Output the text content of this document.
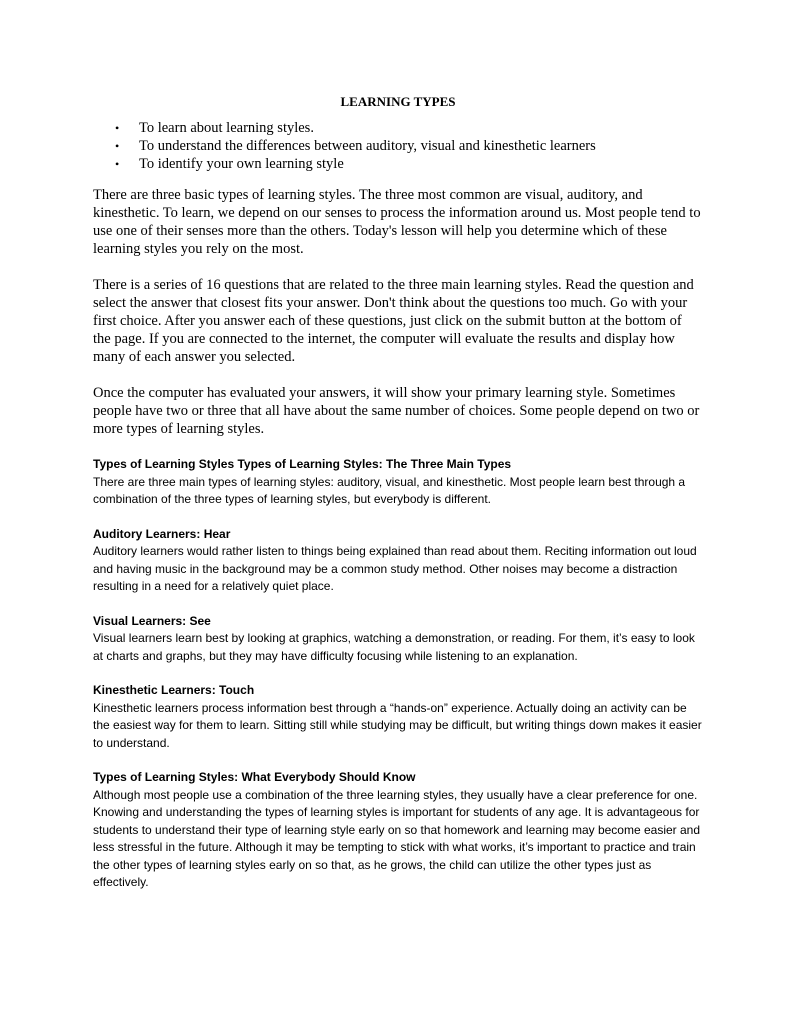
LEARNING TYPES
• To learn about learning styles.
• To understand the differences between auditory, visual and kinesthetic learners
• To identify your own learning style

There are three basic types of learning styles. The three most common are visual, auditory, and kinesthetic. To learn, we depend on our senses to process the information around us. Most people tend to use one of their senses more than the others. Today's lesson will help you determine which of these learning styles you rely on the most.

There is a series of 16 questions that are related to the three main learning styles. Read the question and select the answer that closest fits your answer. Don't think about the questions too much. Go with your first choice. After you answer each of these questions, just click on the submit button at the bottom of the page. If you are connected to the internet, the computer will evaluate the results and display how many of each answer you selected.

Once the computer has evaluated your answers, it will show your primary learning style. Sometimes people have two or three that all have about the same number of choices. Some people depend on two or more types of learning styles.

Types of Learning Styles Types of Learning Styles: The Three Main Types

There are three main types of learning styles: auditory, visual, and kinesthetic. Most people learn best through a combination of the three types of learning styles, but everybody is different.

Auditory Learners: Hear

Auditory learners would rather listen to things being explained than read about them. Reciting information out loud and having music in the background may be a common study method. Other noises may become a distraction resulting in a need for a relatively quiet place.

Visual Learners: See

Visual learners learn best by looking at graphics, watching a demonstration, or reading. For them, it’s easy to look at charts and graphs, but they may have difficulty focusing while listening to an explanation.

Kinesthetic Learners: Touch

Kinesthetic learners process information best through a “hands-on” experience. Actually doing an activity can be the easiest way for them to learn. Sitting still while studying may be difficult, but writing things down makes it easier to understand.

Types of Learning Styles: What Everybody Should Know

Although most people use a combination of the three learning styles, they usually have a clear preference for one. Knowing and understanding the types of learning styles is important for students of any age. It is advantageous for students to understand their type of learning style early on so that homework and learning may become easier and less stressful in the future. Although it may be tempting to stick with what works, it’s important to practice and train the other types of learning styles early on so that, as he grows, the child can utilize the other types just as effectively.
